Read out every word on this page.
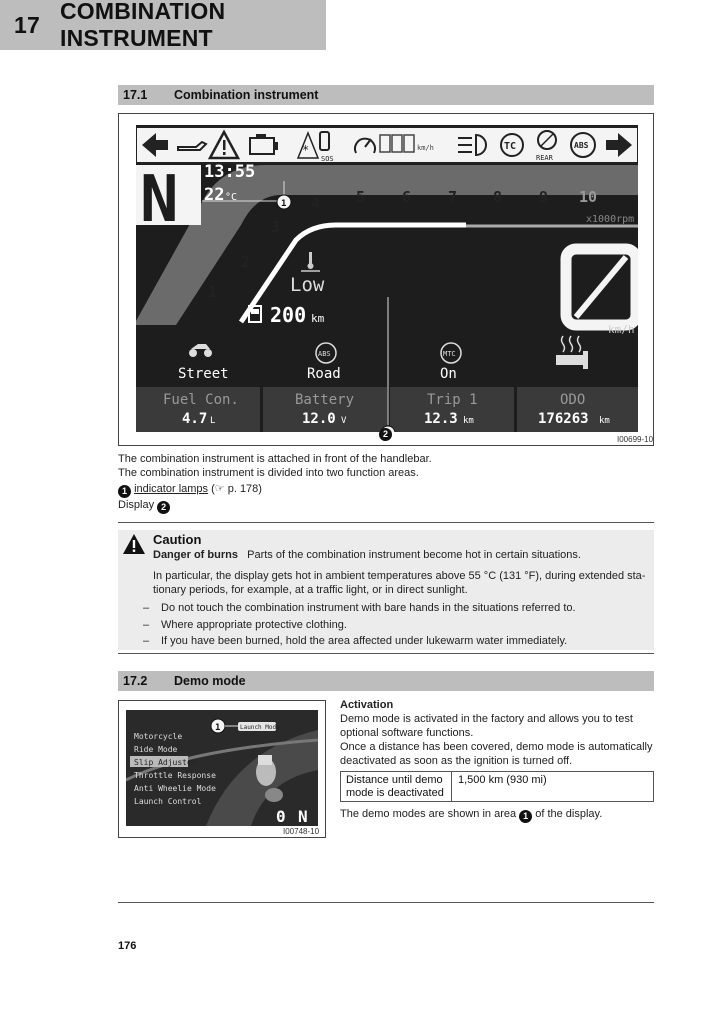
17
COMBINATION INSTRUMENT
17.1	Combination instrument
*
SOS
km/h	TC
REAR
ABS
1
2
3
4 5 6 7 8 9 10
x1000rpm
N 13:55
22 °C
1
Low
200 km
km/h
ABS	MTC
Street	Road	On
Fuel Con.
4.7 L
Battery
12.0 V
Trip 1
12.3 km
ODO
176263 km
2
I00699-10
The combination instrument is attached in front of the handlebar.
The combination instrument is divided into two function areas.
1 indicator lamps (☞ p. 178)
Display 2
Caution
Danger of burns Parts of the combination instrument become hot in certain situations.
In particular, the display gets hot in ambient temperatures above 55 °C (131 °F), during extended sta-
tionary periods, for example, at a traffic light, or in direct sunlight.
– Do not touch the combination instrument with bare hands in the situations referred to.
– Where appropriate protective clothing.
– If you have been burned, hold the area affected under lukewarm water immediately.
17.2	Demo mode
1	Launch Mode
Motorcycle
Ride Mode
Slip Adjuster
Throttle Response
Anti Wheelie Mode
Launch Control
0 N
I00748-10
Activation
Demo mode is activated in the factory and allows you to test
optional software functions.
Once a distance has been covered, demo mode is automatically
deactivated as soon as the ignition is turned off.
Distance until demo
mode is deactivated
1,500 km (930 mi)
The demo modes are shown in area 1 of the display.
176
